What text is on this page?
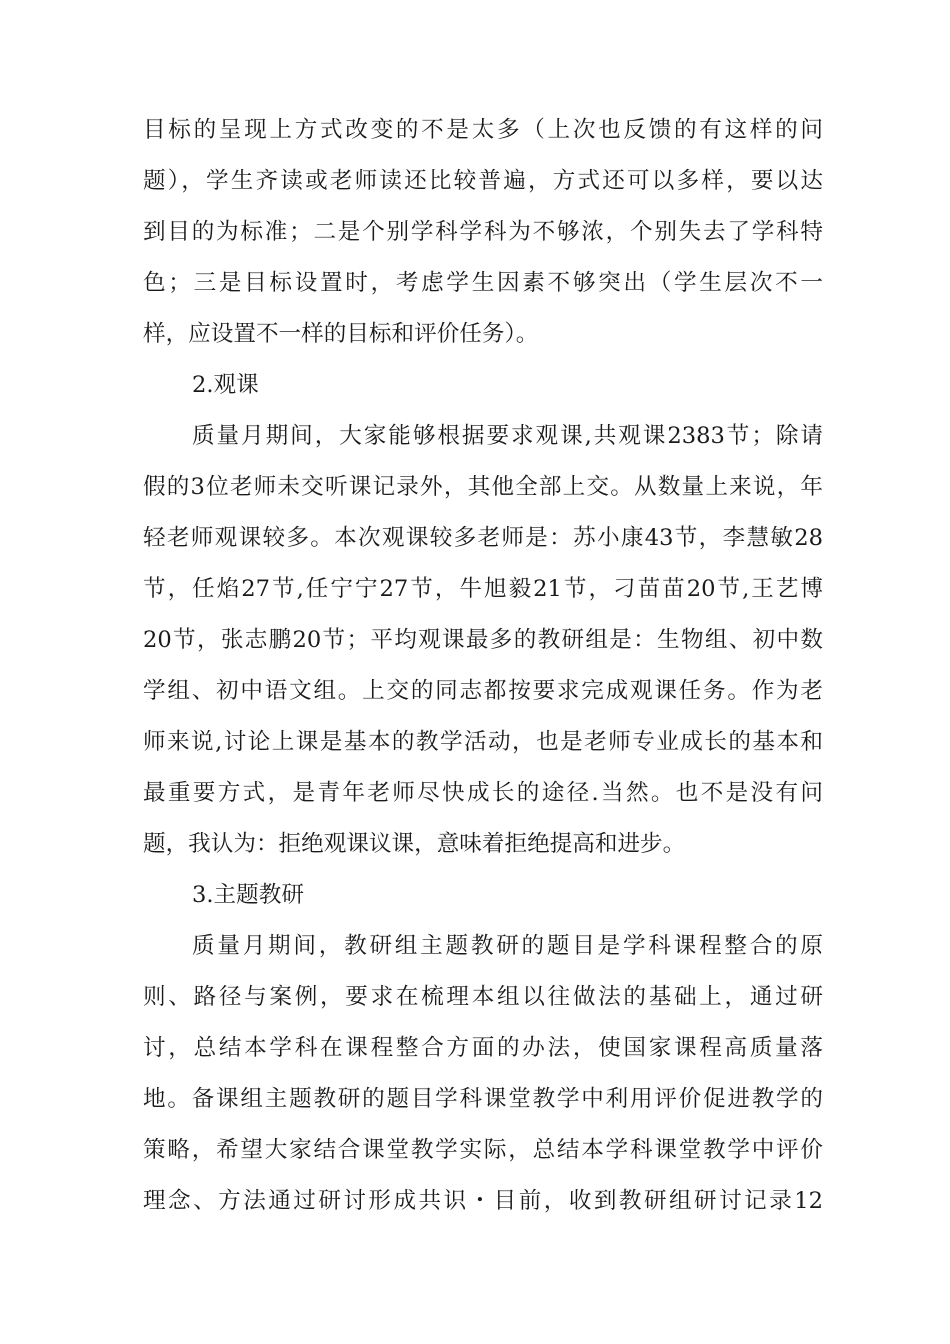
目标的呈现上方式改变的不是太多（上次也反馈的有这样的问
题），学生齐读或老师读还比较普遍，方式还可以多样，要以达
到目的为标准；二是个别学科学科为不够浓，个别失去了学科特
色；三是目标设置时，考虑学生因素不够突出（学生层次不一
样，应设置不一样的目标和评价任务）。
2.观课
质量月期间，大家能够根据要求观课,共观课2383节；除请
假的3位老师未交听课记录外，其他全部上交。从数量上来说，年
轻老师观课较多。本次观课较多老师是：苏小康43节，李慧敏28
节，任焰27节,任宁宁27节，牛旭毅21节，刁苗苗20节,王艺博
20节，张志鹏20节；平均观课最多的教研组是：生物组、初中数
学组、初中语文组。上交的同志都按要求完成观课任务。作为老
师来说,讨论上课是基本的教学活动，也是老师专业成长的基本和
最重要方式，是青年老师尽快成长的途径.当然。也不是没有问
题，我认为：拒绝观课议课，意味着拒绝提高和进步。
3.主题教研
质量月期间，教研组主题教研的题目是学科课程整合的原
则、路径与案例，要求在梳理本组以往做法的基础上，通过研
讨，总结本学科在课程整合方面的办法，使国家课程高质量落
地。备课组主题教研的题目学科课堂教学中利用评价促进教学的
策略，希望大家结合课堂教学实际，总结本学科课堂教学中评价
理念、方法通过研讨形成共识・目前，收到教研组研讨记录12
